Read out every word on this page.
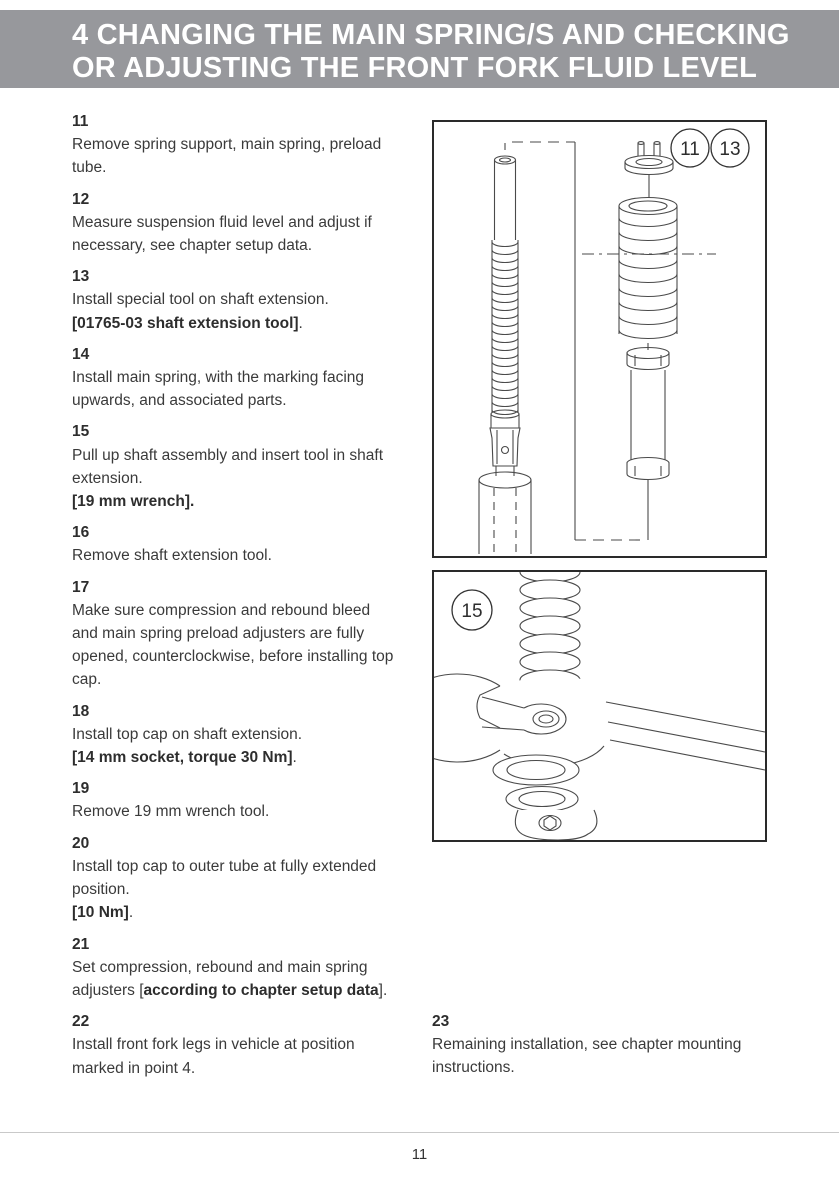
4 CHANGING THE MAIN SPRING/S AND CHECKING
OR ADJUSTING THE FRONT FORK FLUID LEVEL
11
Remove spring support, main spring, preload
tube.
12
Measure suspension fluid level and adjust if
necessary, see chapter setup data.
13
Install special tool on shaft extension.
[01765-03 shaft extension tool].
14
Install main spring, with the marking facing
upwards, and associated parts.
15
Pull up shaft assembly and insert tool in shaft
extension.
[19 mm wrench].
16
Remove shaft extension tool.
17
Make sure compression and rebound bleed
and main spring preload adjusters are fully
opened, counterclockwise, before installing top
cap.
18
Install top cap on shaft extension.
[14 mm socket, torque 30 Nm].
19
Remove 19 mm wrench tool.
20
Install top cap to outer tube at fully extended
position.
[10 Nm].
21
Set compression, rebound and main spring
adjusters [according to chapter setup data].
22
Install front fork legs in vehicle at position
marked in point 4.
23
Remaining installation, see chapter mounting
instructions.
11 13
15
11
